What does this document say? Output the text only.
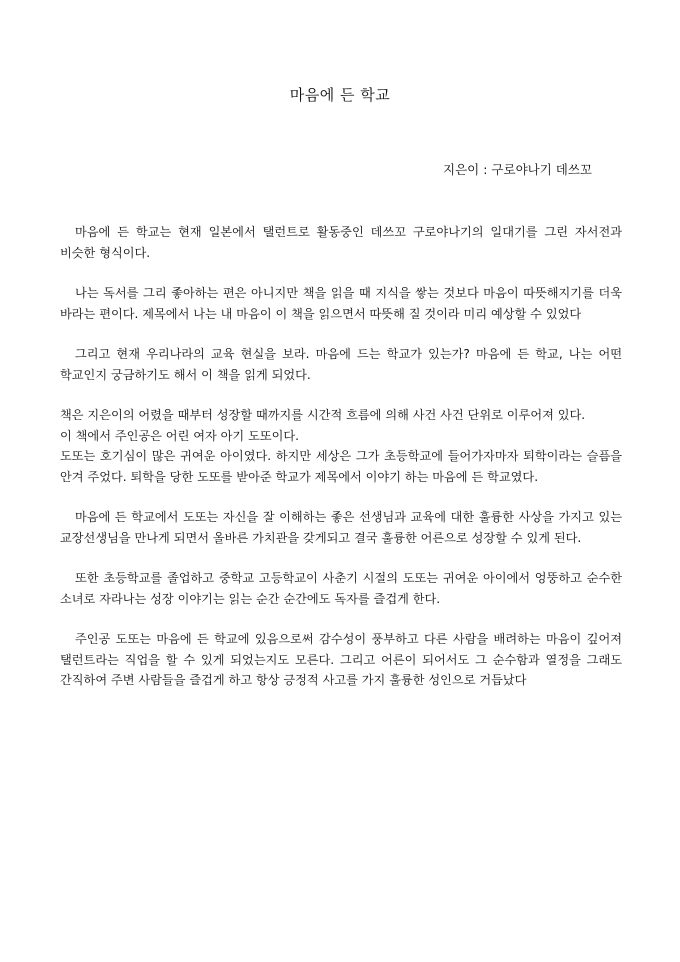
마음에 든 학교
지은이 : 구로야나기 데쓰꼬

마음에 든 학교는 현재 일본에서 탤런트로 활동중인 데쓰꼬 구로야나기의 일대기를 그린 자서전과 비슷한 형식이다.

나는 독서를 그리 좋아하는 편은 아니지만 책을 읽을 때 지식을 쌓는 것보다 마음이 따뜻해지기를 더욱 바라는 편이다. 제목에서 나는 내 마음이 이 책을 읽으면서 따뜻해 질 것이라 미리 예상할 수 있었다

그리고 현재 우리나라의 교육 현실을 보라. 마음에 드는 학교가 있는가? 마음에 든 학교, 나는 어떤 학교인지 궁금하기도 해서 이 책을 읽게 되었다.

책은 지은이의 어렸을 때부터 성장할 때까지를 시간적 흐름에 의해 사건 사건 단위로 이루어져 있다.

이 책에서 주인공은 어린 여자 아기 도또이다.

도또는 호기심이 많은 귀여운 아이였다. 하지만 세상은 그가 초등학교에 들어가자마자 퇴학이라는 슬픔을 안겨 주었다. 퇴학을 당한 도또를 받아준 학교가 제목에서 이야기 하는 마음에 든 학교였다.

마음에 든 학교에서 도또는 자신을 잘 이해하는 좋은 선생님과 교육에 대한 훌륭한 사상을 가지고 있는 교장선생님을 만나게 되면서 올바른 가치관을 갖게되고 결국 훌륭한 어른으로 성장할 수 있게 된다.

또한 초등학교를 졸업하고 중학교 고등학교이 사춘기 시절의 도또는 귀여운 아이에서 엉뚱하고 순수한 소녀로 자라나는 성장 이야기는 읽는 순간 순간에도 독자를 즐겁게 한다.

주인공 도또는 마음에 든 학교에 있음으로써 감수성이 풍부하고 다른 사람을 배려하는 마음이 깊어져 탤런트라는 직업을 할 수 있게 되었는지도 모른다. 그리고 어른이 되어서도 그 순수함과 열정을 그래도 간직하여 주변 사람들을 즐겁게 하고 항상 긍정적 사고를 가지 훌륭한 성인으로 거듭났다
